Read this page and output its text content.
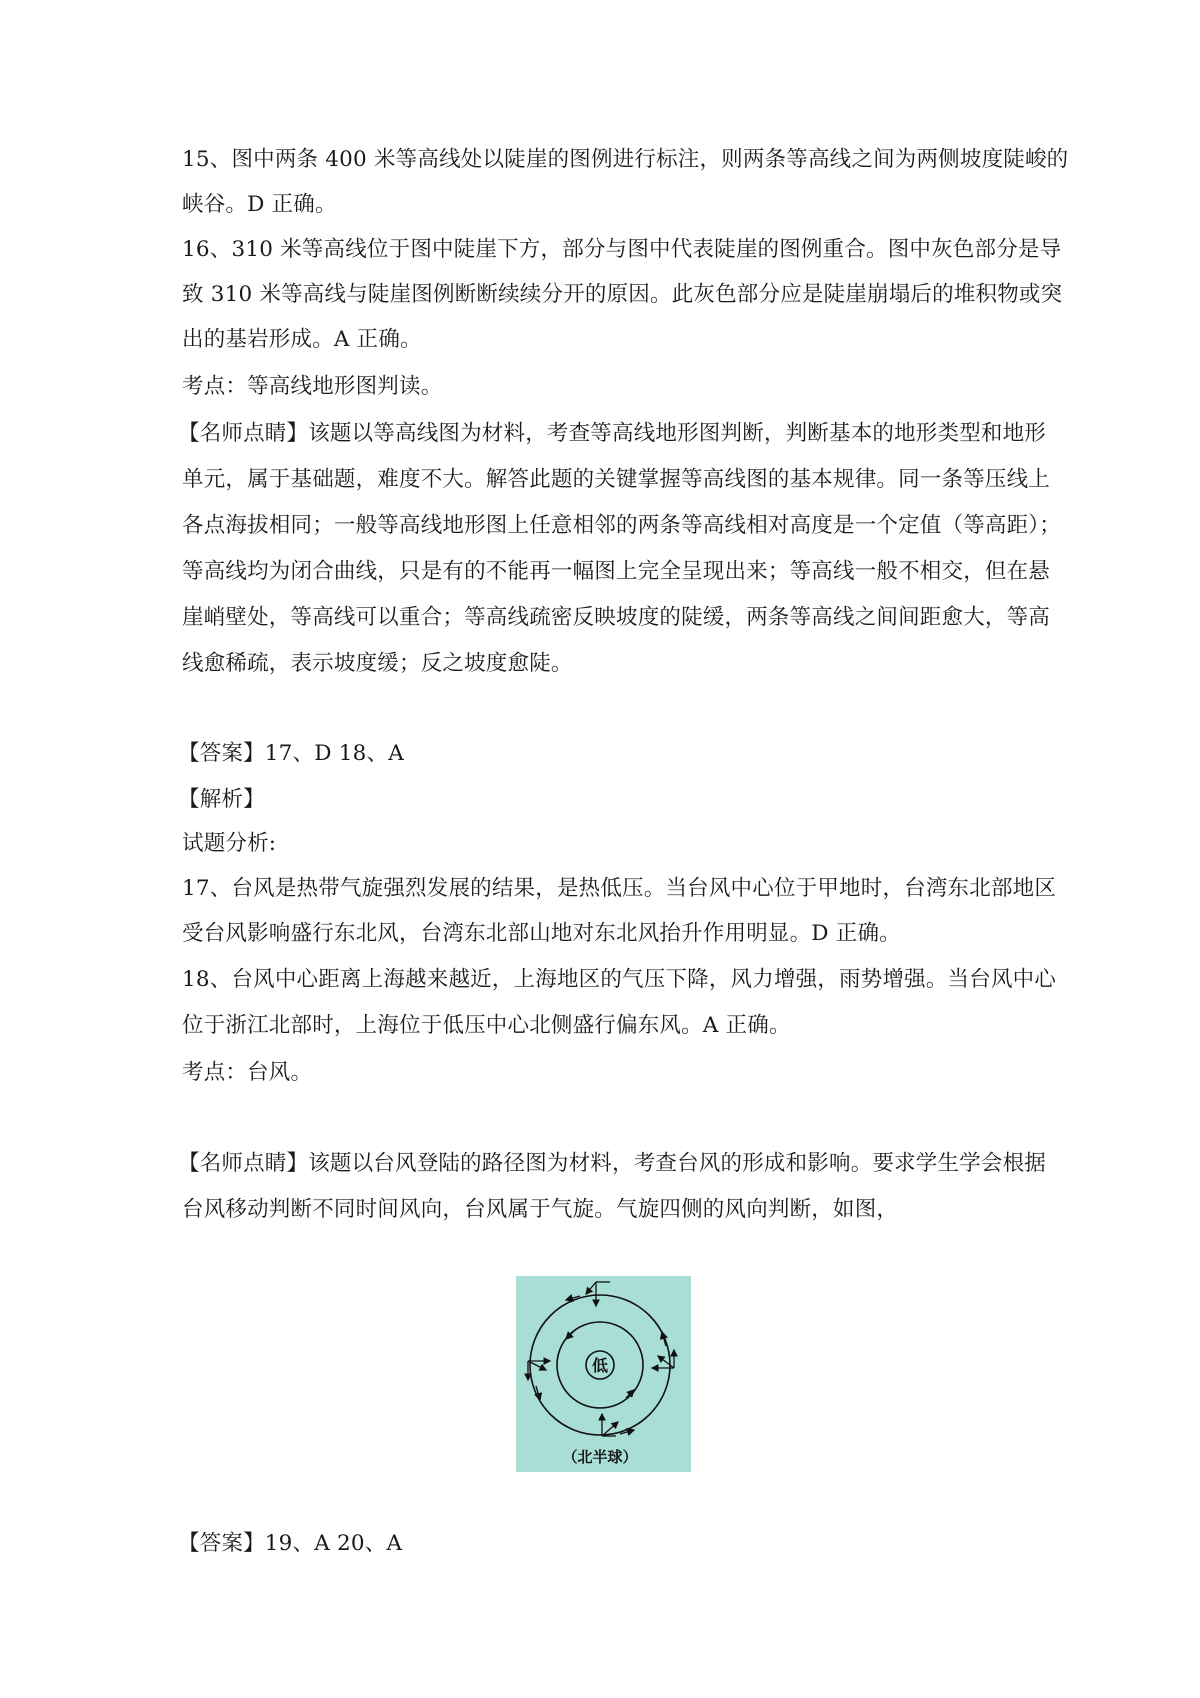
15、图中两条 400 米等高线处以陡崖的图例进行标注，则两条等高线之间为两侧坡度陡峻的
峡谷。D 正确。
16、310 米等高线位于图中陡崖下方，部分与图中代表陡崖的图例重合。图中灰色部分是导
致 310 米等高线与陡崖图例断断续续分开的原因。此灰色部分应是陡崖崩塌后的堆积物或突
出的基岩形成。A 正确。
考点：等高线地形图判读。
【名师点睛】该题以等高线图为材料，考查等高线地形图判断，判断基本的地形类型和地形
单元，属于基础题，难度不大。解答此题的关键掌握等高线图的基本规律。同一条等压线上
各点海拔相同；一般等高线地形图上任意相邻的两条等高线相对高度是一个定值（等高距）；
等高线均为闭合曲线，只是有的不能再一幅图上完全呈现出来；等高线一般不相交，但在悬
崖峭壁处，等高线可以重合；等高线疏密反映坡度的陡缓，两条等高线之间间距愈大，等高
线愈稀疏，表示坡度缓；反之坡度愈陡。
【答案】17、D 18、A
【解析】
试题分析:
17、台风是热带气旋强烈发展的结果，是热低压。当台风中心位于甲地时，台湾东北部地区
受台风影响盛行东北风，台湾东北部山地对东北风抬升作用明显。D 正确。
18、台风中心距离上海越来越近，上海地区的气压下降，风力增强，雨势增强。当台风中心
位于浙江北部时，上海位于低压中心北侧盛行偏东风。A 正确。
考点：台风。
【名师点睛】该题以台风登陆的路径图为材料，考查台风的形成和影响。要求学生学会根据
台风移动判断不同时间风向，台风属于气旋。气旋四侧的风向判断，如图，
低
（北半球）
【答案】19、A 20、A
